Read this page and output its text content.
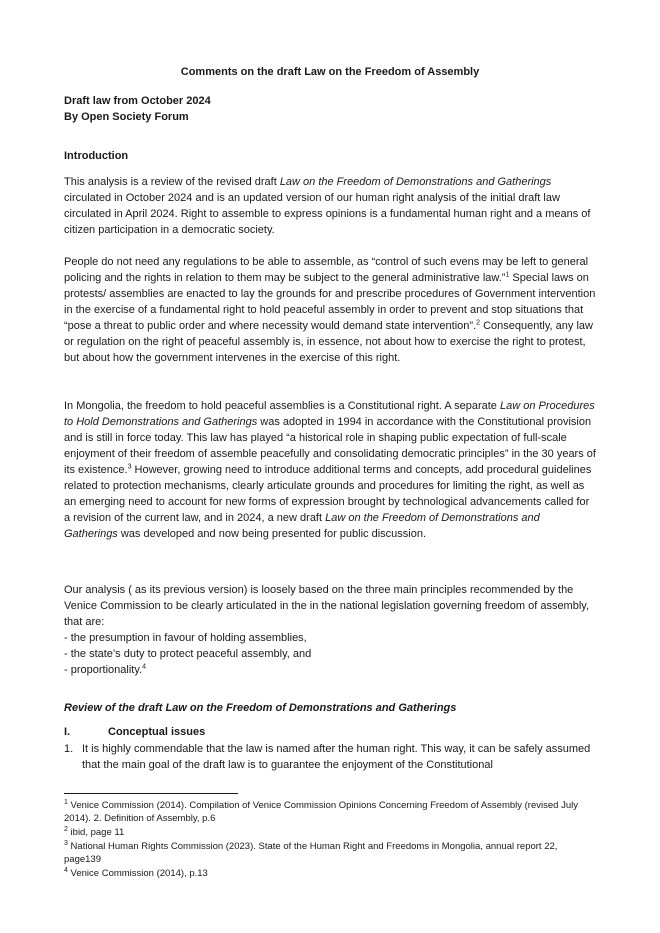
Comments on the draft Law on the Freedom of Assembly
Draft law from October 2024
By Open Society Forum
Introduction

This analysis is a review of the revised draft Law on the Freedom of Demonstrations and Gatherings circulated in October 2024 and is an updated version of our human right analysis of the initial draft law circulated in April 2024. Right to assemble to express opinions is a fundamental human right and a means of citizen participation in a democratic society.

People do not need any regulations to be able to assemble, as “control of such evens may be left to general policing and the rights in relation to them may be subject to the general administrative law.”$^1$ Special laws on protests/ assemblies are enacted to lay the grounds for and prescribe procedures of Government intervention in the exercise of a fundamental right to hold peaceful assembly in order to prevent and stop situations that “pose a threat to public order and where necessity would demand state intervention”.$^2$ Consequently, any law or regulation on the right of peaceful assembly is, in essence, not about how to exercise the right to protest, but about how the government intervenes in the exercise of this right.

In Mongolia, the freedom to hold peaceful assemblies is a Constitutional right. A separate Law on Procedures to Hold Demonstrations and Gatherings was adopted in 1994 in accordance with the Constitutional provision and is still in force today. This law has played “a historical role in shaping public expectation of full-scale enjoyment of their freedom of assemble peacefully and consolidating democratic principles” in the 30 years of its existence.$^3$ However, growing need to introduce additional terms and concepts, add procedural guidelines related to protection mechanisms, clearly articulate grounds and procedures for limiting the right, as well as an emerging need to account for new forms of expression brought by technological advancements called for a revision of the current law, and in 2024, a new draft Law on the Freedom of Demonstrations and Gatherings was developed and now being presented for public discussion.

Our analysis ( as its previous version) is loosely based on the three main principles recommended by the Venice Commission to be clearly articulated in the in the national legislation governing freedom of assembly, that are:

- the presumption in favour of holding assemblies,
- the state’s duty to protect peaceful assembly, and
- proportionality.$^4$
Review of the draft Law on the Freedom of Demonstrations and Gatherings
I.	Conceptual issues
1. It is highly commendable that the law is named after the human right. This way, it can be safely assumed that the main goal of the draft law is to guarantee the enjoyment of the Constitutional
$^1$ Venice Commission (2014). Compilation of Venice Commission Opinions Concerning Freedom of Assembly (revised July 2014). 2. Definition of Assembly, p.6
$^2$ ibid, page 11
$^3$ National Human Rights Commission (2023). State of the Human Right and Freedoms in Mongolia, annual report 22, page139
$^4$ Venice Commission (2014), p.13
